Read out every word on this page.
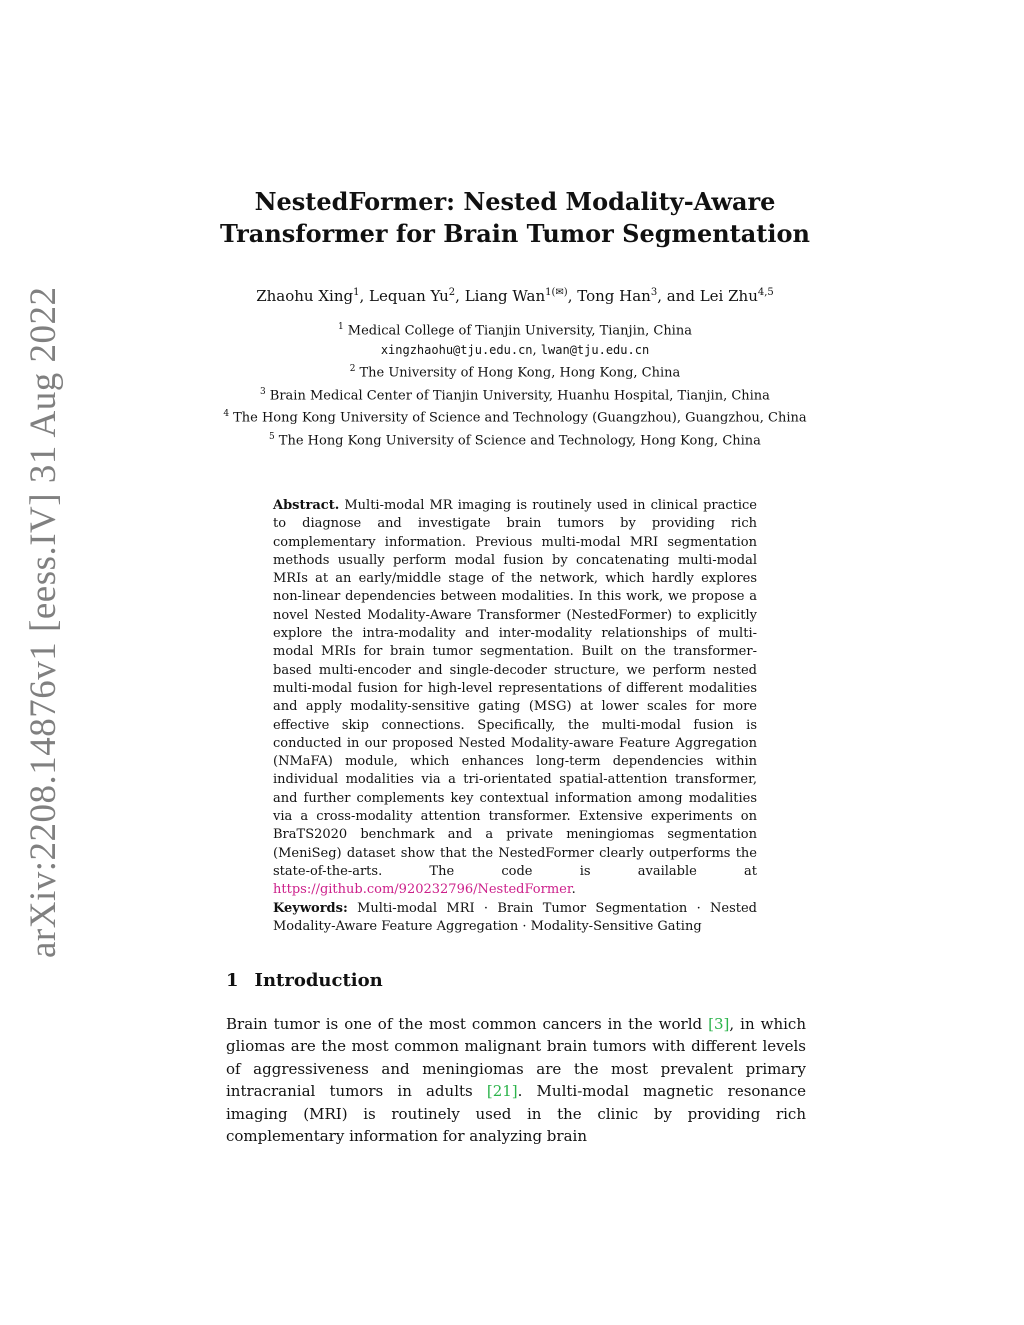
arXiv:2208.14876v1 [eess.IV] 31 Aug 2022
NestedFormer: Nested Modality-Aware
Transformer for Brain Tumor Segmentation
Zhaohu Xing$^1$, Lequan Yu$^2$, Liang Wan$^{1(✉)}$, Tong Han$^3$, and Lei Zhu$^{4,5}$
$^1$ Medical College of Tianjin University, Tianjin, China
xingzhaohu@tju.edu.cn, lwan@tju.edu.cn
$^2$ The University of Hong Kong, Hong Kong, China
$^3$ Brain Medical Center of Tianjin University, Huanhu Hospital, Tianjin, China
$^4$ The Hong Kong University of Science and Technology (Guangzhou), Guangzhou, China
$^5$ The Hong Kong University of Science and Technology, Hong Kong, China
Abstract. Multi-modal MR imaging is routinely used in clinical practice to diagnose and investigate brain tumors by providing rich complementary information. Previous multi-modal MRI segmentation methods usually perform modal fusion by concatenating multi-modal MRIs at an early/middle stage of the network, which hardly explores non-linear dependencies between modalities. In this work, we propose a novel Nested Modality-Aware Transformer (NestedFormer) to explicitly explore the intra-modality and inter-modality relationships of multi-modal MRIs for brain tumor segmentation. Built on the transformer-based multi-encoder and single-decoder structure, we perform nested multi-modal fusion for high-level representations of different modalities and apply modality-sensitive gating (MSG) at lower scales for more effective skip connections. Specifically, the multi-modal fusion is conducted in our proposed Nested Modality-aware Feature Aggregation (NMaFA) module, which enhances long-term dependencies within individual modalities via a tri-orientated spatial-attention transformer, and further complements key contextual information among modalities via a cross-modality attention transformer. Extensive experiments on BraTS2020 benchmark and a private meningiomas segmentation (MeniSeg) dataset show that the NestedFormer clearly outperforms the state-of-the-arts. The code is available at https://github.com/920232796/NestedFormer.
Keywords: Multi-modal MRI · Brain Tumor Segmentation · Nested Modality-Aware Feature Aggregation · Modality-Sensitive Gating
1 Introduction

Brain tumor is one of the most common cancers in the world [3], in which gliomas are the most common malignant brain tumors with different levels of aggressiveness and meningiomas are the most prevalent primary intracranial tumors in adults [21]. Multi-modal magnetic resonance imaging (MRI) is routinely used in the clinic by providing rich complementary information for analyzing brain
